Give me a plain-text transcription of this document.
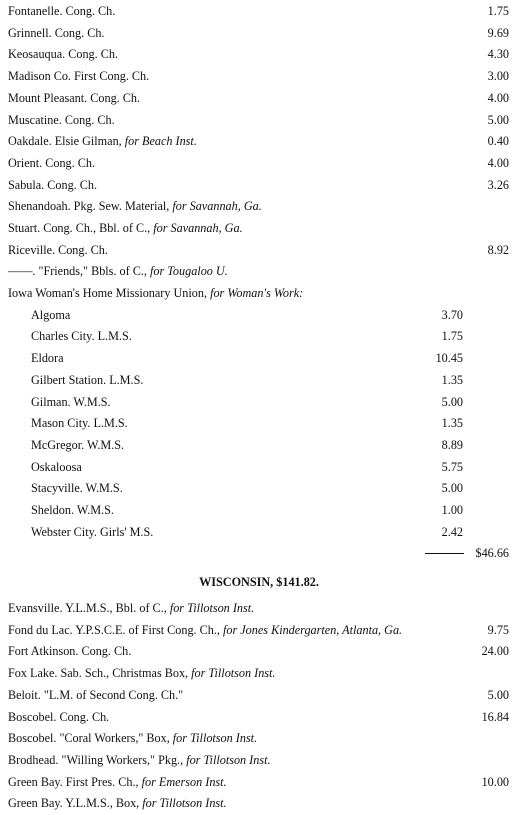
Fontanelle. Cong. Ch.	1.75
Grinnell. Cong. Ch.	9.69
Keosauqua. Cong. Ch.	4.30
Madison Co. First Cong. Ch.	3.00
Mount Pleasant. Cong. Ch.	4.00
Muscatine. Cong. Ch.	5.00
Oakdale. Elsie Gilman, for Beach Inst.	0.40
Orient. Cong. Ch.	4.00
Sabula. Cong. Ch.	3.26
Shenandoah. Pkg. Sew. Material, for Savannah, Ga.
Stuart. Cong. Ch., Bbl. of C., for Savannah, Ga.
Riceville. Cong. Ch.	8.92
——. "Friends," Bbls. of C., for Tougaloo U.
Iowa Woman's Home Missionary Union, for Woman's Work:
Algoma	3.70
Charles City. L.M.S.	1.75
Eldora	10.45
Gilbert Station. L.M.S.	1.35
Gilman. W.M.S.	5.00
Mason City. L.M.S.	1.35
McGregor. W.M.S.	8.89
Oskaloosa	5.75
Stacyville. W.M.S.	5.00
Sheldon. W.M.S.	1.00
Webster City. Girls' M.S.	2.42
$46.66
WISCONSIN, $141.82.
Evansville. Y.L.M.S., Bbl. of C., for Tillotson Inst.
Fond du Lac. Y.P.S.C.E. of First Cong. Ch., for Jones Kindergarten, Atlanta, Ga.	9.75
Fort Atkinson. Cong. Ch.	24.00
Fox Lake. Sab. Sch., Christmas Box, for Tillotson Inst.
Beloit. "L.M. of Second Cong. Ch."	5.00
Boscobel. Cong. Ch.	16.84
Boscobel. "Coral Workers," Box, for Tillotson Inst.
Brodhead. "Willing Workers," Pkg., for Tillotson Inst.
Green Bay. First Pres. Ch., for Emerson Inst.	10.00
Green Bay. Y.L.M.S., Box, for Tillotson Inst.
